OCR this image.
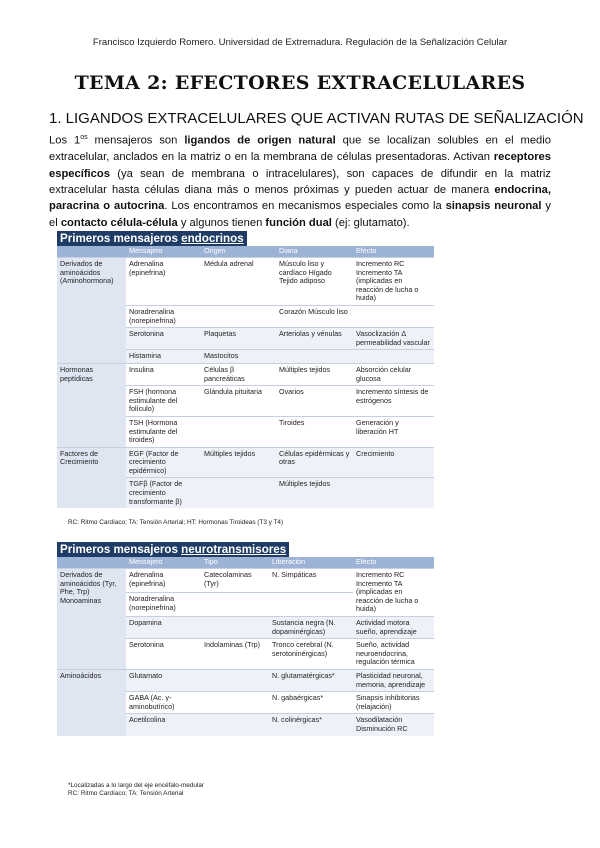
Francisco Izquierdo Romero. Universidad de Extremadura. Regulación de la Señalización Celular
TEMA 2: EFECTORES EXTRACELULARES
1. LIGANDOS EXTRACELULARES QUE ACTIVAN RUTAS DE SEÑALIZACIÓN
Los $1^{os}$ mensajeros son ligandos de origen natural que se localizan solubles en el medio extracelular, anclados en la matriz o en la membrana de células presentadoras. Activan receptores específicos (ya sean de membrana o intracelulares), son capaces de difundir en la matriz extracelular hasta células diana más o menos próximas y pueden actuar de manera endocrina, paracrina o autocrina. Los encontramos en mecanismos especiales como la sinapsis neuronal y el contacto célula-célula y algunos tienen función dual (ej: glutamato).
Primeros mensajeros endocrinos
	Mensajero	Origen	Diana	Efecto
Derivados de aminoácidos (Aminohormona)	Adrenalina (epinefrina)	Médula adrenal	Músculo liso y cardíaco Hígado Tejido adiposo	Incremento RC Incremento TA (implicadas en reacción de lucha o huida)
	Noradrenalina (norepinefrina)		Corazón Músculo liso	
	Serotonina	Plaquetas	Arteriolas y vénulas	Vasoclización Δ permeabilidad vascular
	Histamina	Mastocitos		
Hormonas peptídicas	Insulina	Células β pancreáticas	Múltiples tejidos	Absorción celular glucosa
	FSH (hormona estimulante del folículo)	Glándula pituitaria	Ovarios	Incremento síntesis de estrógenos
	TSH (Hormona estimulante del tiroides)		Tiroides	Generación y liberación HT
Factores de Crecimiento	EGF (Factor de crecimiento epidérmico)	Múltiples tejidos	Células epidérmicas y otras	Crecimiento
	TGFβ (Factor de crecimiento transformante β)		Múltiples tejidos	
RC: Ritmo Cardíaco; TA: Tensión Arterial; HT: Hormonas Tiroideas (T3 y T4)
Primeros mensajeros neurotransmisores
	Mensajero	Tipo	Liberación	Efecto
Derivados de aminoácidos (Tyr, Phe, Trp) Monoaminas	Adrenalina (epinefrina)	Catecolaminas (Tyr)	N. Simpáticas	Incremento RC Incremento TA (implicadas en reacción de lucha o huida)
	Noradrenalina (norepinefrina)			
	Dopamina		Sustancia negra (N. dopaminérgicas)	Actividad motora sueño, aprendizaje
	Serotonina	Indolaminas (Trp)	Tronco cerebral (N. serotoninérgicas)	Sueño, actividad neuroendocrina, regulación térmica
Aminoácidos	Glutamato		N. glutamatérgicas*	Plasticidad neuronal, memoria, aprendizaje
	GABA (Ac. γ-aminobutírico)		N. gabaérgicas*	Sinapsis inhibitorias (relajación)
	Acetilcolina		N. colinérgicas*	Vasodilatación Disminución RC
*Localizadas a lo largo del eje encéfalo-medular
RC: Ritmo Cardíaco; TA: Tensión Arterial
